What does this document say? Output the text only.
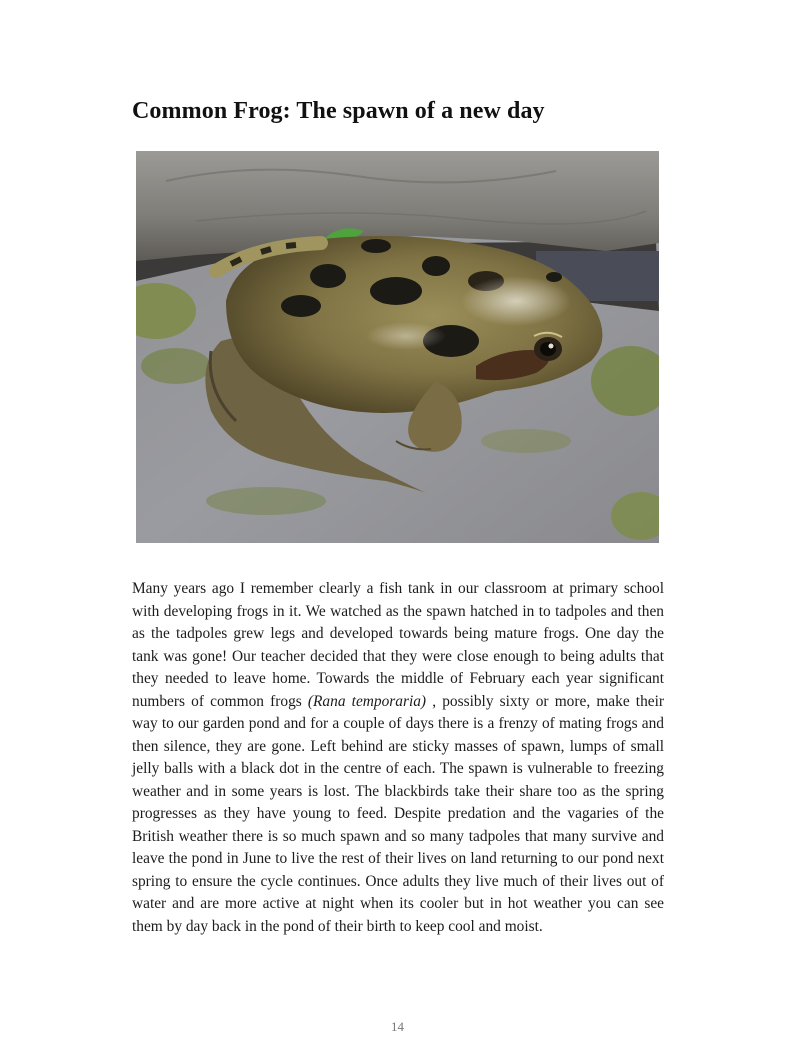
Common Frog: The spawn of a new day

Many years ago I remember clearly a fish tank in our classroom at primary school with developing frogs in it. We watched as the spawn hatched in to tadpoles and then as the tadpoles grew legs and developed towards being mature frogs. One day the tank was gone! Our teacher decided that they were close enough to being adults that they needed to leave home. Towards the middle of February each year significant numbers of common frogs (Rana temporaria) , possibly sixty or more, make their way to our garden pond and for a couple of days there is a frenzy of mating frogs and then silence, they are gone. Left behind are sticky masses of spawn, lumps of small jelly balls with a black dot in the centre of each. The spawn is vulnerable to freezing weather and in some years is lost. The blackbirds take their share too as the spring progresses as they have young to feed. Despite predation and the vagaries of the British weather there is so much spawn and so many tadpoles that many survive and leave the pond in June to live the rest of their lives on land returning to our pond next spring to ensure the cycle continues. Once adults they live much of their lives out of water and are more active at night when its cooler but in hot weather you can see them by day back in the pond of their birth to keep cool and moist.

14
